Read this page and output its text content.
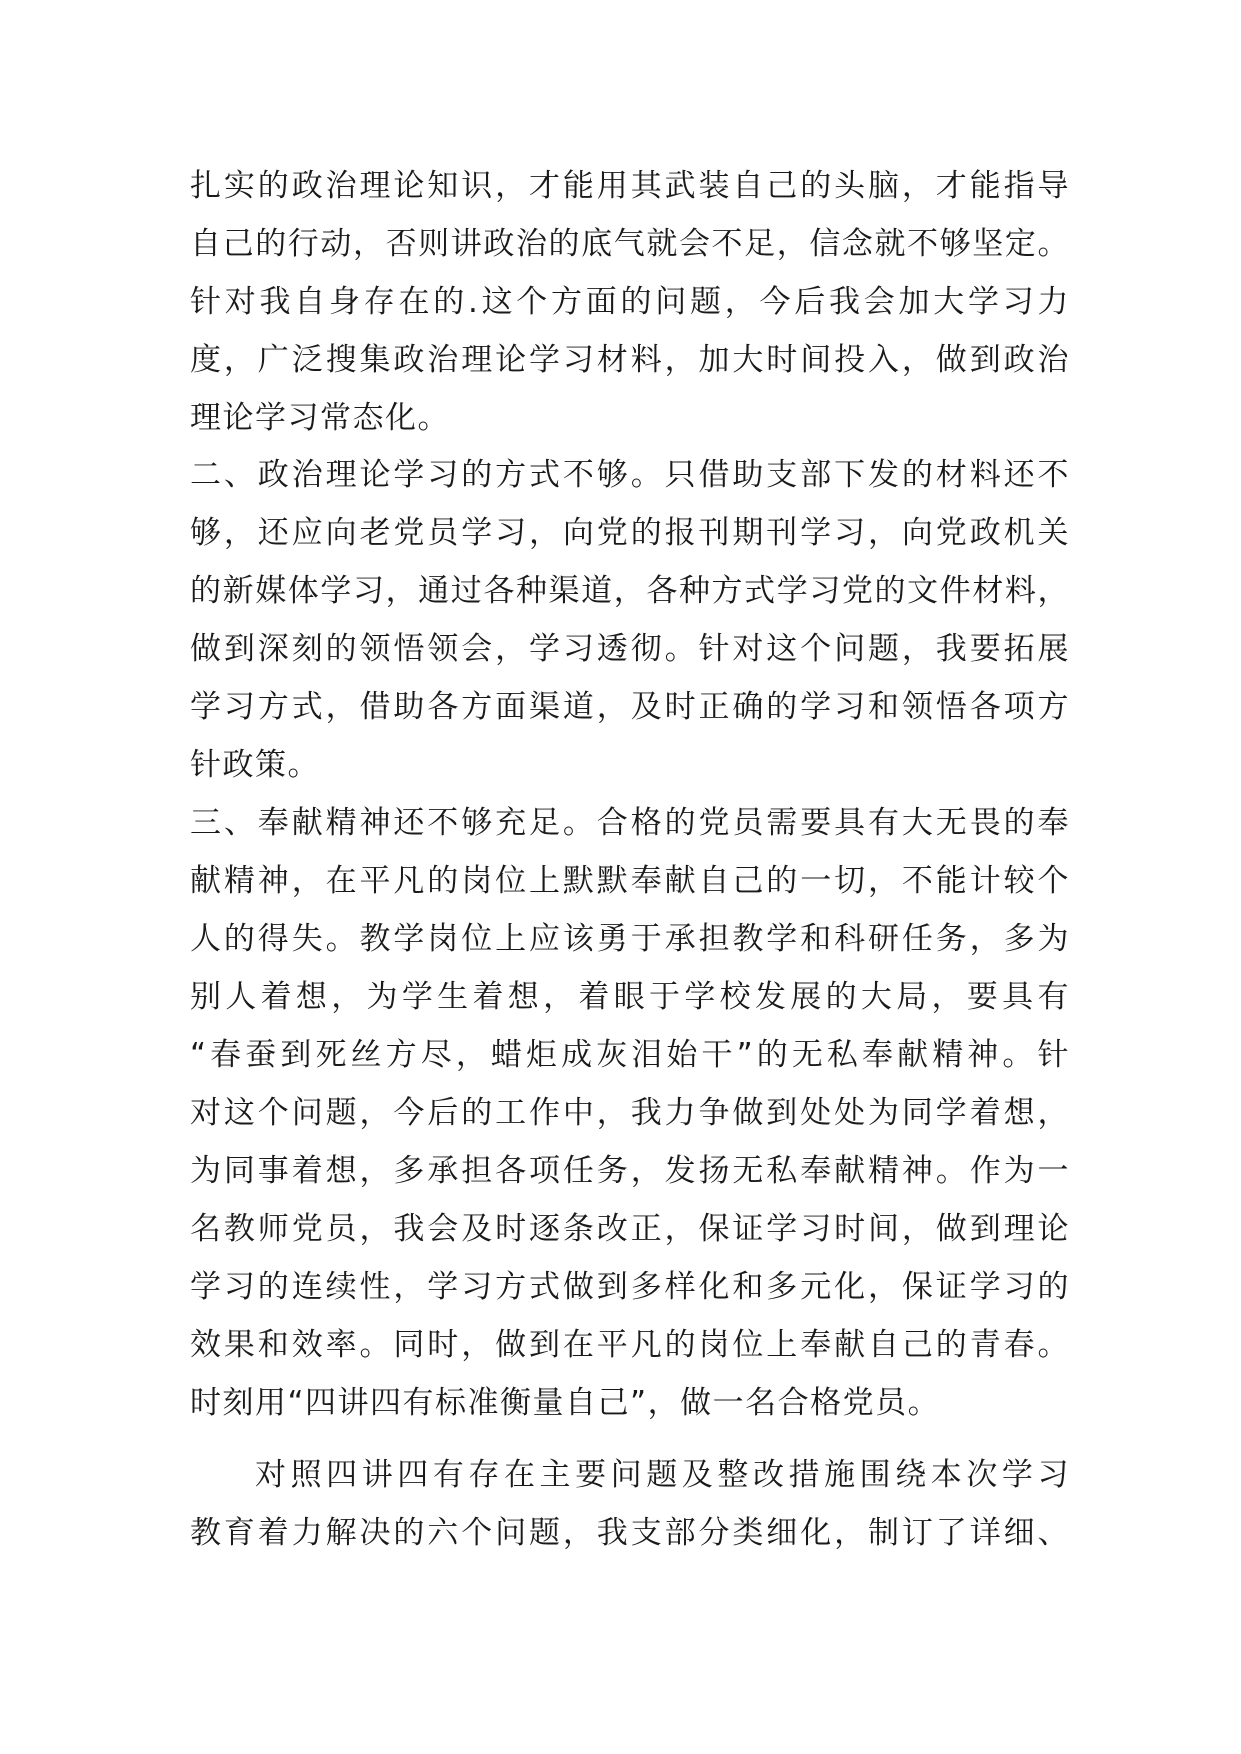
扎实的政治理论知识，才能用其武装自己的头脑，才能指导
自己的行动，否则讲政治的底气就会不足，信念就不够坚定。
针对我自身存在的.这个方面的问题，今后我会加大学习力
度，广泛搜集政治理论学习材料，加大时间投入，做到政治
理论学习常态化。
二、政治理论学习的方式不够。只借助支部下发的材料还不
够，还应向老党员学习，向党的报刊期刊学习，向党政机关
的新媒体学习，通过各种渠道，各种方式学习党的文件材料，
做到深刻的领悟领会，学习透彻。针对这个问题，我要拓展
学习方式，借助各方面渠道，及时正确的学习和领悟各项方
针政策。
三、奉献精神还不够充足。合格的党员需要具有大无畏的奉
献精神，在平凡的岗位上默默奉献自己的一切，不能计较个
人的得失。教学岗位上应该勇于承担教学和科研任务，多为
别人着想，为学生着想，着眼于学校发展的大局，要具有
“春蚕到死丝方尽，蜡炬成灰泪始干”的无私奉献精神。针
对这个问题，今后的工作中，我力争做到处处为同学着想，
为同事着想，多承担各项任务，发扬无私奉献精神。作为一
名教师党员，我会及时逐条改正，保证学习时间，做到理论
学习的连续性，学习方式做到多样化和多元化，保证学习的
效果和效率。同时，做到在平凡的岗位上奉献自己的青春。
时刻用“四讲四有标准衡量自己”，做一名合格党员。
对照四讲四有存在主要问题及整改措施围绕本次学习
教育着力解决的六个问题，我支部分类细化，制订了详细、
